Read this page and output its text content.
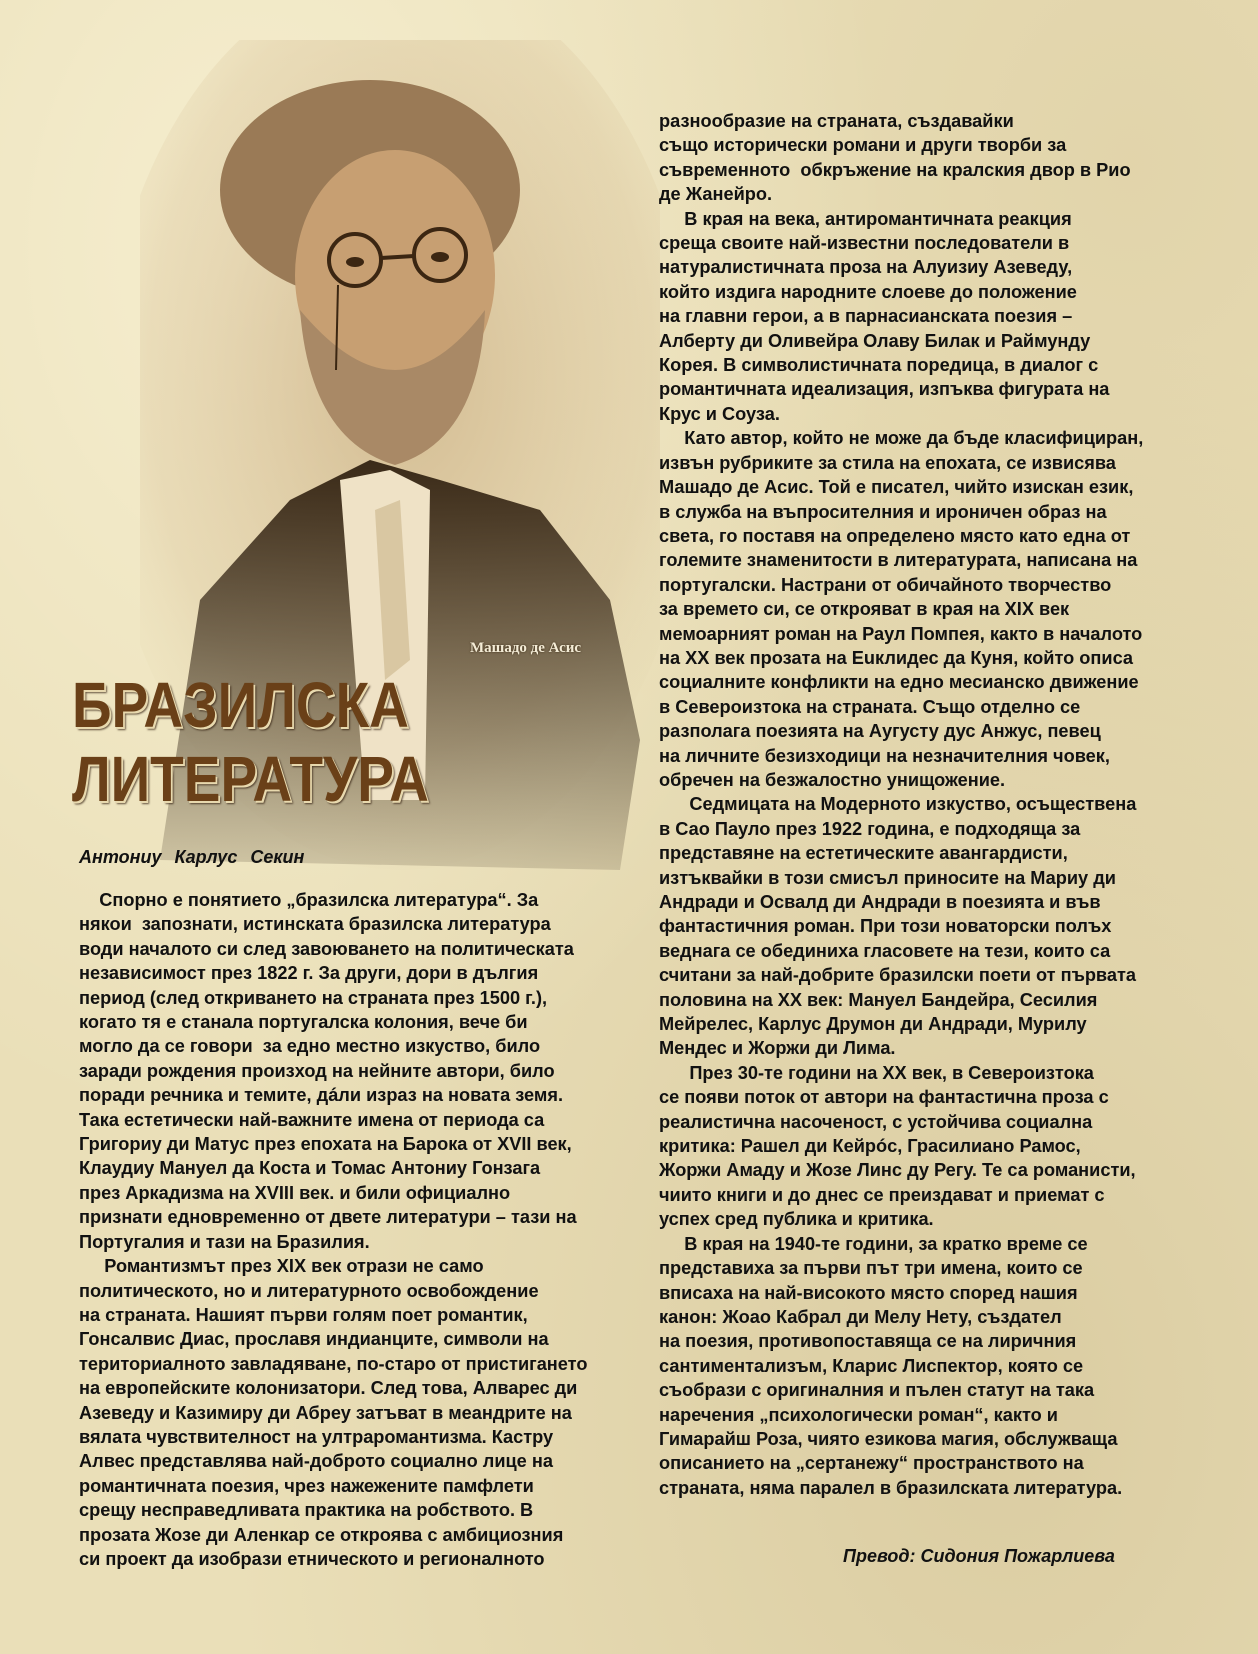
Машадо де Асис
БРАЗИЛСКА
ЛИТЕРАТУРА
Антониу Карлус Секин

Спорно е понятието „бразилска литература“. За

някои  запознати, истинската бразилска литература

води началото си след завоюването на политическата

независимост през 1822 г. За други, дори в дългия

период (след откриването на страната през 1500 г.),

когато тя е станала португалска колония, вече би

могло да се говори  за едно местно изкуство, било

заради рождения произход на нейните автори, било

поради речника и темите, дáли израз на новата земя.

Така естетически най-важните имена от периода са

Григориу ди Матус през епохата на Барока от XVII век,

Клаудиу Мануел да Коста и Томас Антониу Гонзага

през Аркадизма на XVIII век. и били официално

признати едновременно от двете литератури – тази на

Португалия и тази на Бразилия.

Романтизмът през XIX век отрази не само

политическото, но и литературното освобождение

на страната. Нашият първи голям поет романтик,

Гонсалвис Диас, прославя индианците, символи на

териториалното завладяване, по-старо от пристигането

на европейските колонизатори. След това, Алварес ди

Азеведу и Казимиру ди Абреу затъват в меандрите на

вялата чувствителност на ултраромантизма. Кастру

Алвес представлява най-доброто социално лице на

романтичната поезия, чрез нажежените памфлети

срещу несправедливата практика на робството. В

прозата Жозе ди Аленкар се откроява с амбициозния

си проект да изобрази етническото и регионалното

разнообразие на страната, създавайки

също исторически романи и други творби за

съвременното  обкръжение на кралския двор в Рио

де Жанейро.

В края на века, антиромантичната реакция

среща своите най-известни последователи в

натуралистичната проза на Алуизиу Азеведу,

който издига народните слоеве до положение

на главни герои, а в парнасианската поезия –

Алберту ди Оливейра Олаву Билак и Раймунду

Корея. В символистичната поредица, в диалог с

романтичната идеализация, изпъква фигурата на

Крус и Соуза.

Като автор, който не може да бъде класифициран,

извън рубриките за стила на епохата, се извисява

Машадо де Асис. Той е писател, чийто изискан език,

в служба на въпросителния и ироничен образ на

света, го поставя на определено място като една от

големите знаменитости в литературата, написана на

португалски. Настрани от обичайното творчество

за времето си, се открояват в края на XIX век

мемоарният роман на Раул Помпея, както в началото

на XX век прозата на Euклидес да Куня, който описа

социалните конфликти на едно месианско движение

в Североизтока на страната. Също отделно се

разполага поезията на Аугусту дус Анжус, певец

на личните безизходици на незначителния човек,

обречен на безжалостно унищожение.

Седмицата на Модерното изкуство, осъществена

в Сао Пауло през 1922 година, е подходяща за

представяне на естетическите авангардисти,

изтъквайки в този смисъл приносите на Мариу ди

Андради и Освалд ди Андради в поезията и във

фантастичния роман. При този новаторски полъх

веднага се обединиха гласовете на тези, които са

считани за най-добрите бразилски поети от първата

половина на XX век: Мануел Бандейра, Сесилия

Мейрелес, Карлус Друмон ди Андради, Мурилу

Мендес и Жоржи ди Лима.

През 30-те години на XX век, в Североизтока

се появи поток от автори на фантастична проза с

реалистична насоченост, с устойчива социална

критика: Рашел ди Кейрóс, Грасилиано Рамос,

Жоржи Амаду и Жозе Линс ду Регу. Те са романисти,

чиито книги и до днес се преиздават и приемат с

успех сред публика и критика.

В края на 1940-те години, за кратко време се

представиха за първи път три имена, които се

вписаха на най-високото място според нашия

канон: Жоао Кабрал ди Мелу Нету, създател

на поезия, противопоставяща се на лиричния

сантиментализъм, Кларис Лиспектор, която се

съобрази с оригиналния и пълен статут на така

наречения „психологически роман“, както и

Гимарайш Роза, чиято езикова магия, обслужваща

описанието на „сертанежу“ пространството на

страната, няма паралел в бразилската литература.

Превод: Сидония Пожарлиева
